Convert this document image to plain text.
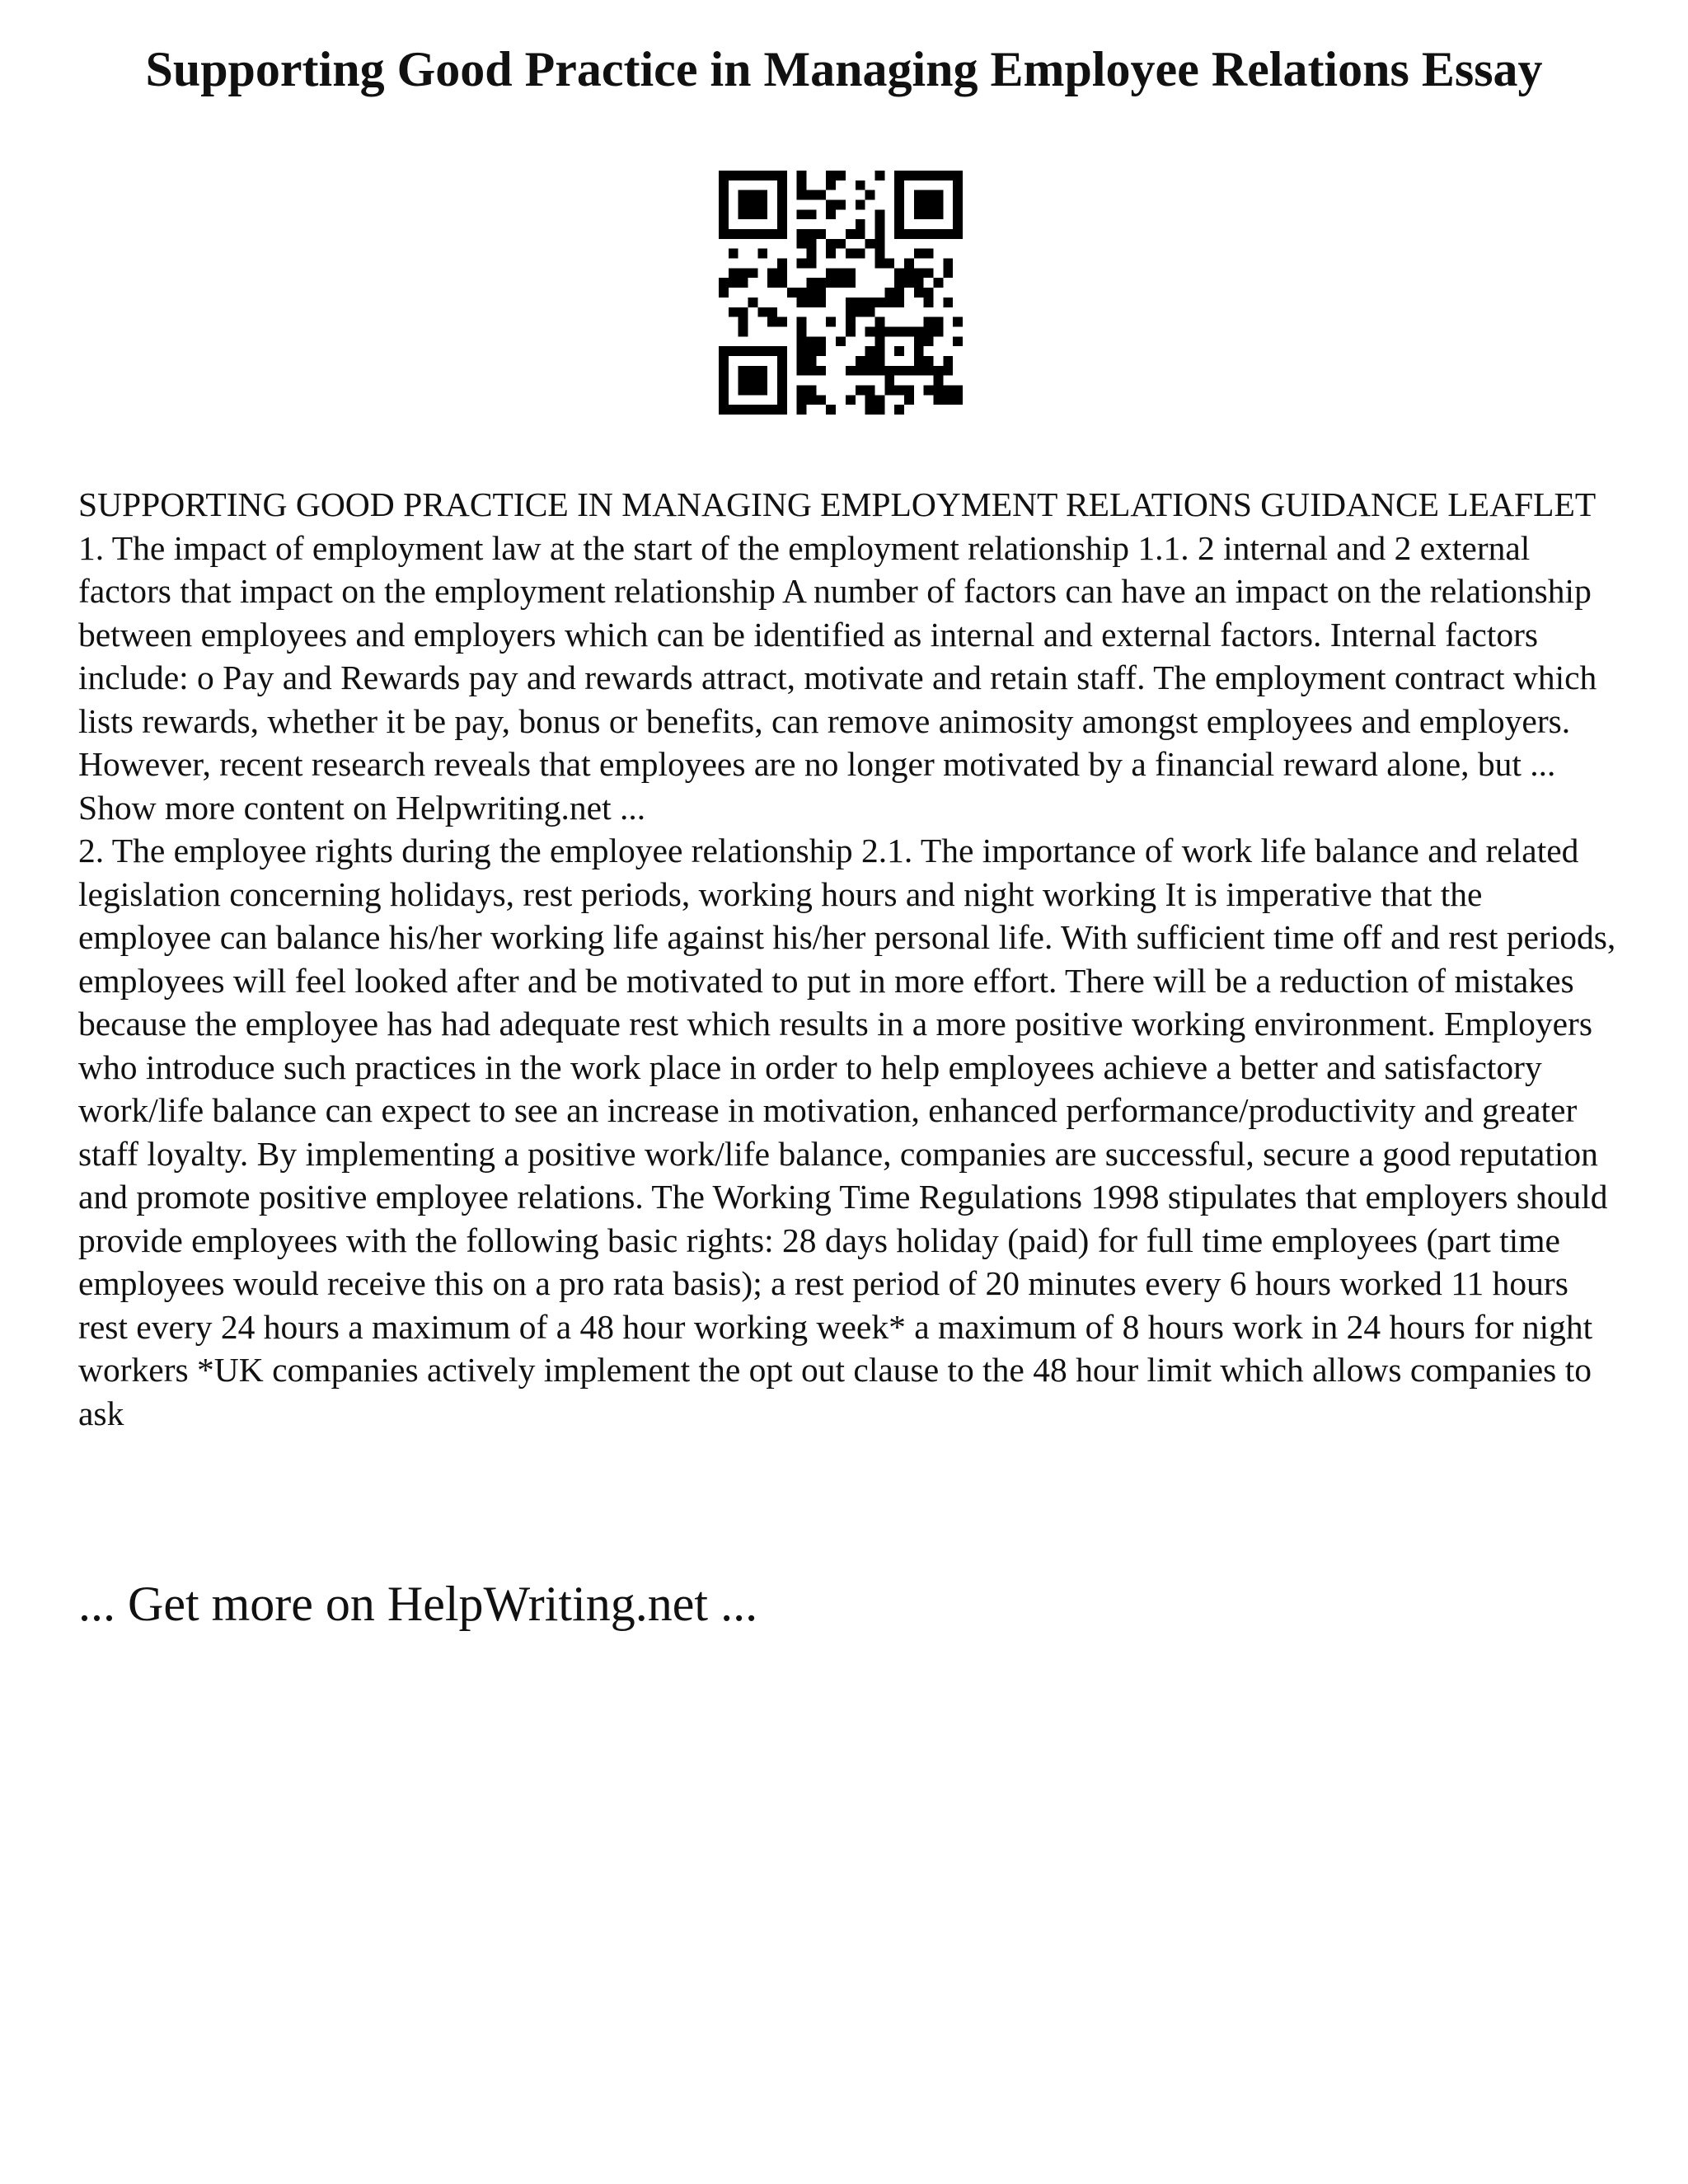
Supporting Good Practice in Managing Employee Relations Essay

SUPPORTING GOOD PRACTICE IN MANAGING EMPLOYMENT RELATIONS GUIDANCE LEAFLET 1. The impact of employment law at the start of the employment relationship 1.1. 2 internal and 2 external factors that impact on the employment relationship A number of factors can have an impact on the relationship between employees and employers which can be identified as internal and external factors. Internal factors include: o Pay and Rewards pay and rewards attract, motivate and retain staff. The employment contract which lists rewards, whether it be pay, bonus or benefits, can remove animosity amongst employees and employers. However, recent research reveals that employees are no longer motivated by a financial reward alone, but ... Show more content on Helpwriting.net ...

2. The employee rights during the employee relationship 2.1. The importance of work life balance and related legislation concerning holidays, rest periods, working hours and night working It is imperative that the employee can balance his/her working life against his/her personal life. With sufficient time off and rest periods, employees will feel looked after and be motivated to put in more effort. There will be a reduction of mistakes because the employee has had adequate rest which results in a more positive working environment. Employers who introduce such practices in the work place in order to help employees achieve a better and satisfactory work/life balance can expect to see an increase in motivation, enhanced performance/productivity and greater staff loyalty. By implementing a positive work/life balance, companies are successful, secure a good reputation and promote positive employee relations. The Working Time Regulations 1998 stipulates that employers should provide employees with the following basic rights: 28 days holiday (paid) for full time employees (part time employees would receive this on a pro rata basis); a rest period of 20 minutes every 6 hours worked 11 hours rest every 24 hours a maximum of a 48 hour working week* a maximum of 8 hours work in 24 hours for night workers *UK companies actively implement the opt out clause to the 48 hour limit which allows companies to ask

... Get more on HelpWriting.net ...
